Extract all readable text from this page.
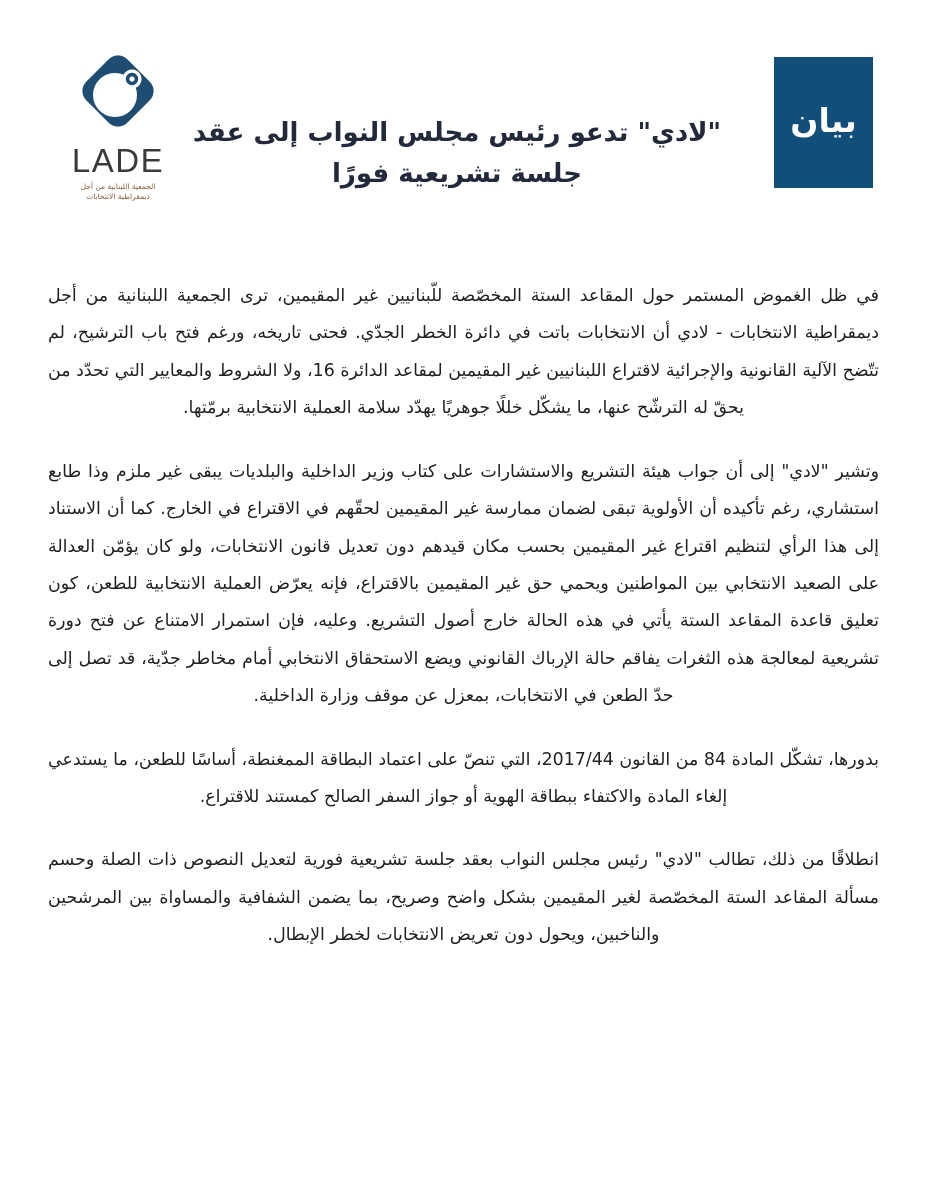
LADE
الجمعية اللبنانية من أجل
ديمقراطية الانتخابات
"لادي" تدعو رئيس مجلس النواب إلى عقد جلسة تشريعية فورًا
بيان

في ظل الغموض المستمر حول المقاعد الستة المخصّصة للّبنانيين غير المقيمين، ترى الجمعية اللبنانية من أجل ديمقراطية الانتخابات - لادي أن الانتخابات باتت في دائرة الخطر الجدّي. فحتى تاريخه، ورغم فتح باب الترشيح، لم تتّضح الآلية القانونية والإجرائية لاقتراع اللبنانيين غير المقيمين لمقاعد الدائرة 16، ولا الشروط والمعايير التي تحدّد من يحقّ له الترشّح عنها، ما يشكّل خللًا جوهريًا يهدّد سلامة العملية الانتخابية برمّتها.

وتشير "لادي" إلى أن جواب هيئة التشريع والاستشارات على كتاب وزير الداخلية والبلديات يبقى غير ملزم وذا طابع استشاري، رغم تأكيده أن الأولوية تبقى لضمان ممارسة غير المقيمين لحقّهم في الاقتراع في الخارج. كما أن الاستناد إلى هذا الرأي لتنظيم اقتراع غير المقيمين بحسب مكان قيدهم دون تعديل قانون الانتخابات، ولو كان يؤمّن العدالة على الصعيد الانتخابي بين المواطنين ويحمي حق غير المقيمين بالاقتراع، فإنه يعرّض العملية الانتخابية للطعن، كون تعليق قاعدة المقاعد الستة يأتي في هذه الحالة خارج أصول التشريع. وعليه، فإن استمرار الامتناع عن فتح دورة تشريعية لمعالجة هذه الثغرات يفاقم حالة الإرباك القانوني ويضع الاستحقاق الانتخابي أمام مخاطر جدّية، قد تصل إلى حدّ الطعن في الانتخابات، بمعزل عن موقف وزارة الداخلية.

بدورها، تشكّل المادة 84 من القانون 2017/44، التي تنصّ على اعتماد البطاقة الممغنطة، أساسًا للطعن، ما يستدعي إلغاء المادة والاكتفاء ببطاقة الهوية أو جواز السفر الصالح كمستند للاقتراع.

انطلاقًا من ذلك، تطالب "لادي" رئيس مجلس النواب بعقد جلسة تشريعية فورية لتعديل النصوص ذات الصلة وحسم مسألة المقاعد الستة المخصّصة لغير المقيمين بشكل واضح وصريح، بما يضمن الشفافية والمساواة بين المرشحين والناخبين، ويحول دون تعريض الانتخابات لخطر الإبطال.
